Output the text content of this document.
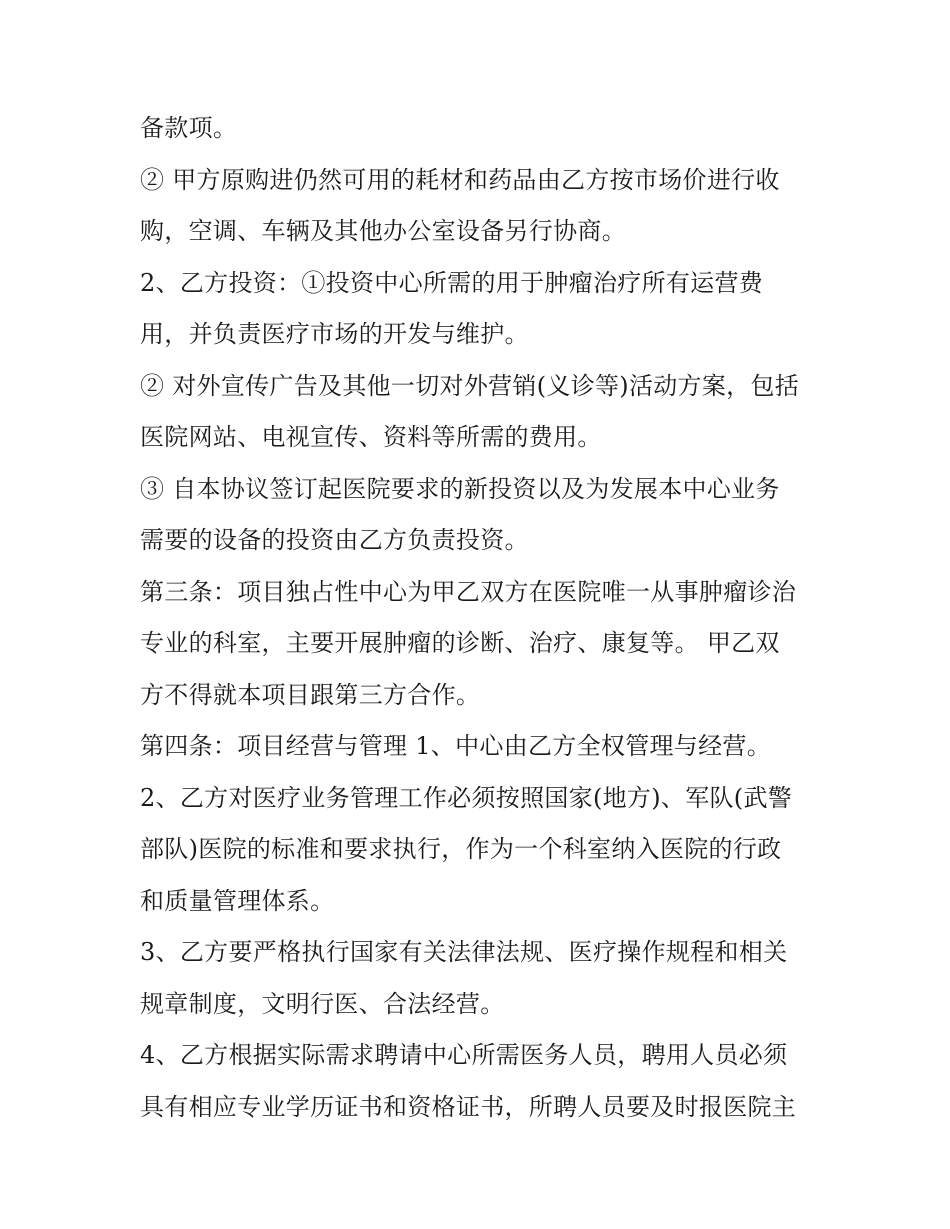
备款项。
② 甲方原购进仍然可用的耗材和药品由乙方按市场价进行收
购，空调、车辆及其他办公室设备另行协商。
2、乙方投资：①投资中心所需的用于肿瘤治疗所有运营费
用，并负责医疗市场的开发与维护。
② 对外宣传广告及其他一切对外营销(义诊等)活动方案，包括
医院网站、电视宣传、资料等所需的费用。
③ 自本协议签订起医院要求的新投资以及为发展本中心业务
需要的设备的投资由乙方负责投资。
第三条：项目独占性中心为甲乙双方在医院唯一从事肿瘤诊治
专业的科室，主要开展肿瘤的诊断、治疗、康复等。 甲乙双
方不得就本项目跟第三方合作。
第四条：项目经营与管理 1、中心由乙方全权管理与经营。
2、乙方对医疗业务管理工作必须按照国家(地方)、军队(武警
部队)医院的标准和要求执行，作为一个科室纳入医院的行政
和质量管理体系。
3、乙方要严格执行国家有关法律法规、医疗操作规程和相关
规章制度，文明行医、合法经营。
4、乙方根据实际需求聘请中心所需医务人员，聘用人员必须
具有相应专业学历证书和资格证书，所聘人员要及时报医院主
